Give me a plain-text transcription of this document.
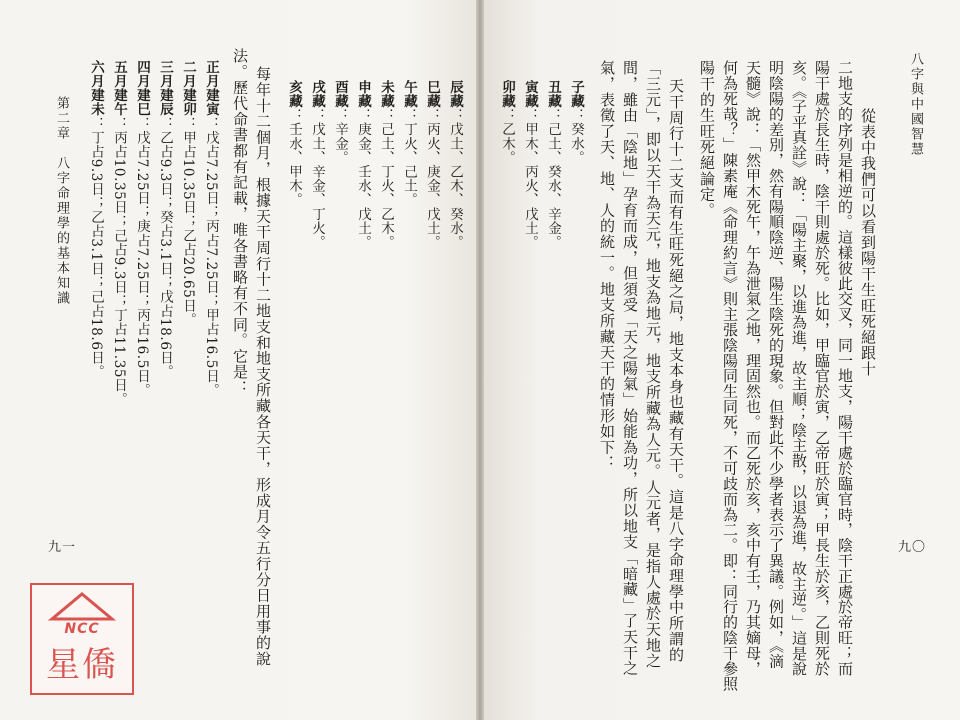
八字與中國智慧
九〇
從表中我們可以看到陽干生旺死絕跟十
二地支的序列是相逆的。這樣彼此交叉，同一地支，陽干處於臨官時，陰干正處於帝旺；而
陽干處於長生時，陰干則處於死。比如，甲臨官於寅，乙帝旺於寅；甲長生於亥，乙則死於
亥。《子平真詮》說：「陽主聚，以進為進，故主順；陰主散，以退為進，故主逆。」這是說
明陰陽的差別，然有陽順陰逆、陽生陰死的現象。但對此不少學者表示了異議。例如，《滴
天髓》說：「然甲木死午，午為泄氣之地，理固然也。而乙死於亥，亥中有壬，乃其嫡母，
何為死哉？」陳素庵《命理約言》則主張陰陽同生同死，不可歧而為二。即：同行的陰干參照
陽干的生旺死絕論定。
天干周行十二支而有生旺死絕之局，地支本身也藏有天干。這是八字命理學中所謂的
「三元」，即以天干為天元，地支為地元，地支所藏為人元。人元者，是指人處於天地之
間，雖由「陰地」孕育而成，但須受「天之陽氣」始能為功，所以地支「暗藏」了天干之
氣，表徵了天、地、人的統一。地支所藏天干的情形如下：
子藏：癸水。
丑藏：己土、癸水、辛金。
寅藏：甲木、丙火、戊土。
卯藏：乙木。
辰藏：戊土、乙木、癸水。
巳藏：丙火、庚金、戊土。
午藏：丁火、己土。
未藏：己土、丁火、乙木。
申藏：庚金、壬水、戊土。
酉藏：辛金。
戌藏：戊土、辛金、丁火。
亥藏：壬水、甲木。
每年十二個月，根據天干周行十二地支和地支所藏各天干，形成月令五行分日用事的說
法。歷代命書都有記載，唯各書略有不同。它是：
正月建寅：戊占7.25日；丙占7.25日；甲占16.5日。
二月建卯：甲占10.35日；乙占20.65日。
三月建辰：乙占9.3日；癸占3.1日；戊占18.6日。
四月建巳：戊占7.25日；庚占7.25日；丙占16.5日。
五月建午：丙占10.35日；己占9.3日；丁占11.35日。
六月建未：丁占9.3日；乙占3.1日；己占18.6日。
第二章　八字命理學的基本知識
九一
NCC
星僑
